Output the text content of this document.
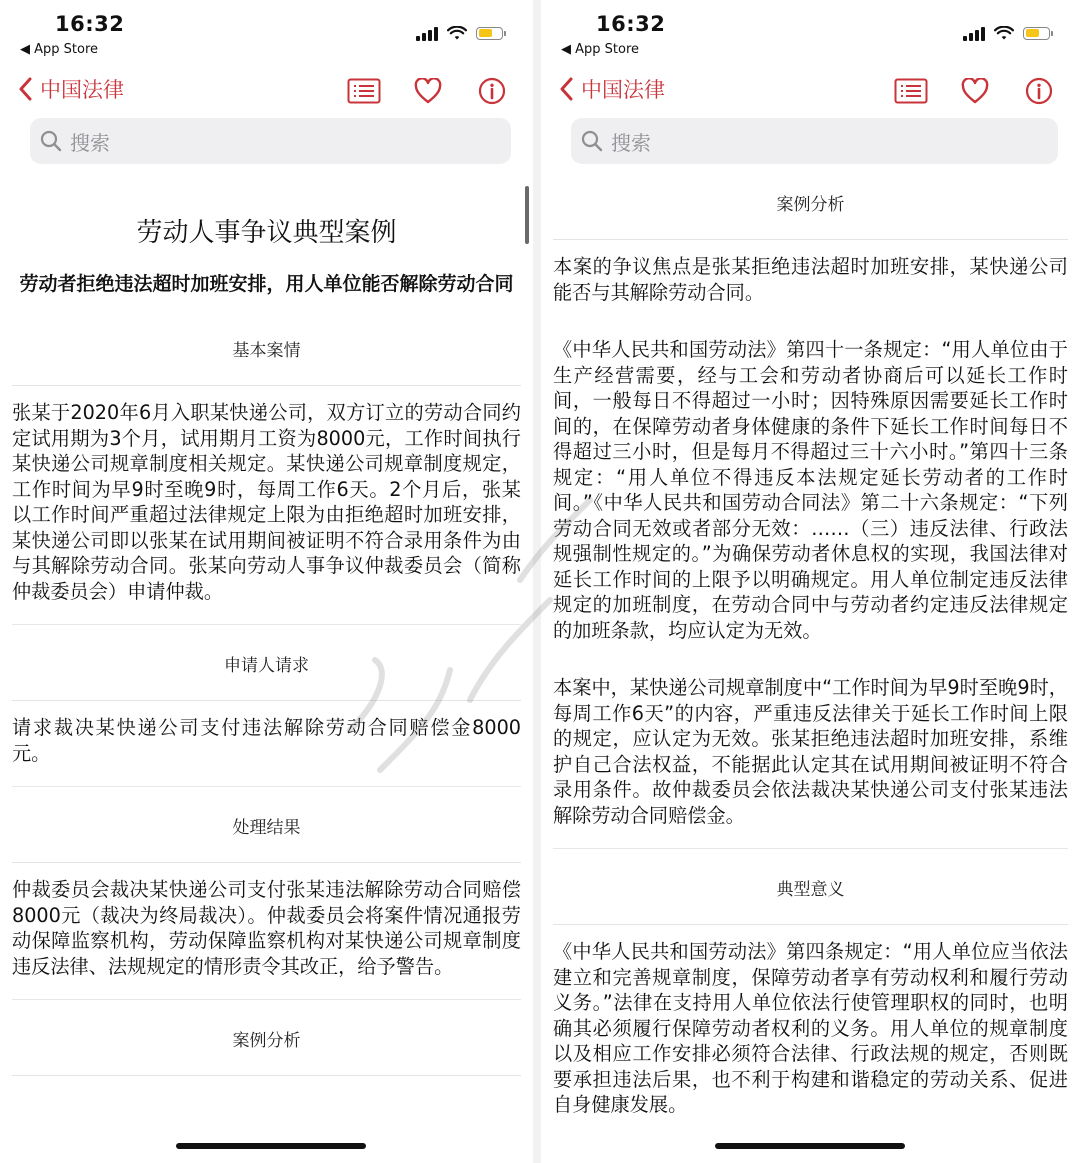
16:32
◀ App Store
中国法律
搜索
劳动人事争议典型案例
劳动者拒绝违法超时加班安排，用人单位能否解除劳动合同
基本案情
张某于2020年6月入职某快递公司，双方订立的劳动合同约定试用期为3个月，试用期月工资为8000元，工作时间执行某快递公司规章制度相关规定。某快递公司规章制度规定，工作时间为早9时至晚9时，每周工作6天。2个月后，张某以工作时间严重超过法律规定上限为由拒绝超时加班安排，某快递公司即以张某在试用期间被证明不符合录用条件为由与其解除劳动合同。张某向劳动人事争议仲裁委员会（简称仲裁委员会）申请仲裁。
申请人请求
请求裁决某快递公司支付违法解除劳动合同赔偿金8000元。
处理结果
仲裁委员会裁决某快递公司支付张某违法解除劳动合同赔偿8000元（裁决为终局裁决）。仲裁委员会将案件情况通报劳动保障监察机构，劳动保障监察机构对某快递公司规章制度违反法律、法规规定的情形责令其改正，给予警告。
案例分析
16:32
◀ App Store
中国法律
搜索
案例分析
本案的争议焦点是张某拒绝违法超时加班安排，某快递公司能否与其解除劳动合同。
《中华人民共和国劳动法》第四十一条规定：“用人单位由于生产经营需要，经与工会和劳动者协商后可以延长工作时间，一般每日不得超过一小时；因特殊原因需要延长工作时间的，在保障劳动者身体健康的条件下延长工作时间每日不得超过三小时，但是每月不得超过三十六小时。”第四十三条规定：“用人单位不得违反本法规定延长劳动者的工作时间。”《中华人民共和国劳动合同法》第二十六条规定：“下列劳动合同无效或者部分无效：……（三）违反法律、行政法规强制性规定的。”为确保劳动者休息权的实现，我国法律对延长工作时间的上限予以明确规定。用人单位制定违反法律规定的加班制度，在劳动合同中与劳动者约定违反法律规定的加班条款，均应认定为无效。
本案中，某快递公司规章制度中“工作时间为早9时至晚9时，每周工作6天”的内容，严重违反法律关于延长工作时间上限的规定，应认定为无效。张某拒绝违法超时加班安排，系维护自己合法权益，不能据此认定其在试用期间被证明不符合录用条件。故仲裁委员会依法裁决某快递公司支付张某违法解除劳动合同赔偿金。
典型意义
《中华人民共和国劳动法》第四条规定：“用人单位应当依法建立和完善规章制度，保障劳动者享有劳动权利和履行劳动义务。”法律在支持用人单位依法行使管理职权的同时，也明确其必须履行保障劳动者权利的义务。用人单位的规章制度以及相应工作安排必须符合法律、行政法规的规定，否则既要承担违法后果，也不利于构建和谐稳定的劳动关系、促进自身健康发展。
